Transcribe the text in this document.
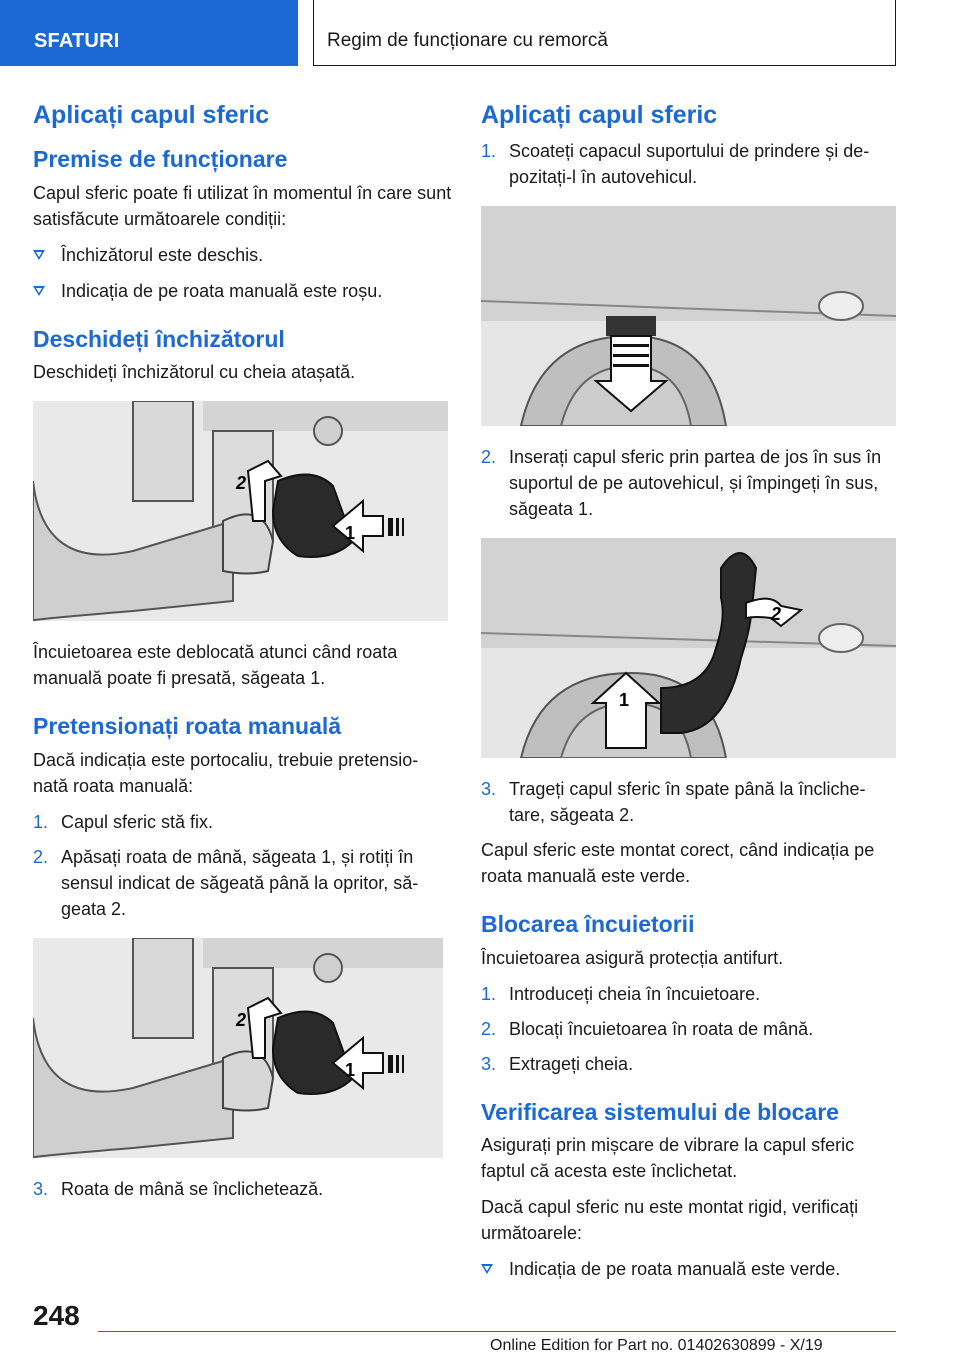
SFATURI	Regim de funcționare cu remorcă
Aplicați capul sferic
Premise de funcționare

Capul sferic poate fi utilizat în momentul în care sunt satisfăcute următoarele condiții:

Închizătorul este deschis.
Indicația de pe roata manuală este roșu.
Deschideți închizătorul

Deschideți închizătorul cu cheia atașată.

2
1

Încuietoarea este deblocată atunci când roata manuală poate fi presată, săgeata 1.

Pretensionați roata manuală

Dacă indicația este portocaliu, trebuie pretensio-nată roata manuală:

1. Capul sferic stă fix.
2. Apăsați roata de mână, săgeata 1, și rotiți în sensul indicat de săgeată până la opritor, să-geata 2.
2
1
3. Roata de mână se înclichetează.
Aplicați capul sferic
1. Scoateți capacul suportului de prindere și de-pozitați-l în autovehicul.
2. Inserați capul sferic prin partea de jos în sus în suportul de pe autovehicul, și împingeți în sus, săgeata 1.
2
1
3. Trageți capul sferic în spate până la încliche-tare, săgeata 2.

Capul sferic este montat corect, când indicația pe roata manuală este verde.

Blocarea încuietorii

Încuietoarea asigură protecția antifurt.

1. Introduceți cheia în încuietoare.
2. Blocați încuietoarea în roata de mână.
3. Extrageți cheia.
Verificarea sistemului de blocare

Asigurați prin mișcare de vibrare la capul sferic faptul că acesta este înclichetat.

Dacă capul sferic nu este montat rigid, verificați următoarele:

Indicația de pe roata manuală este verde.
248
Online Edition for Part no. 01402630899 - X/19
